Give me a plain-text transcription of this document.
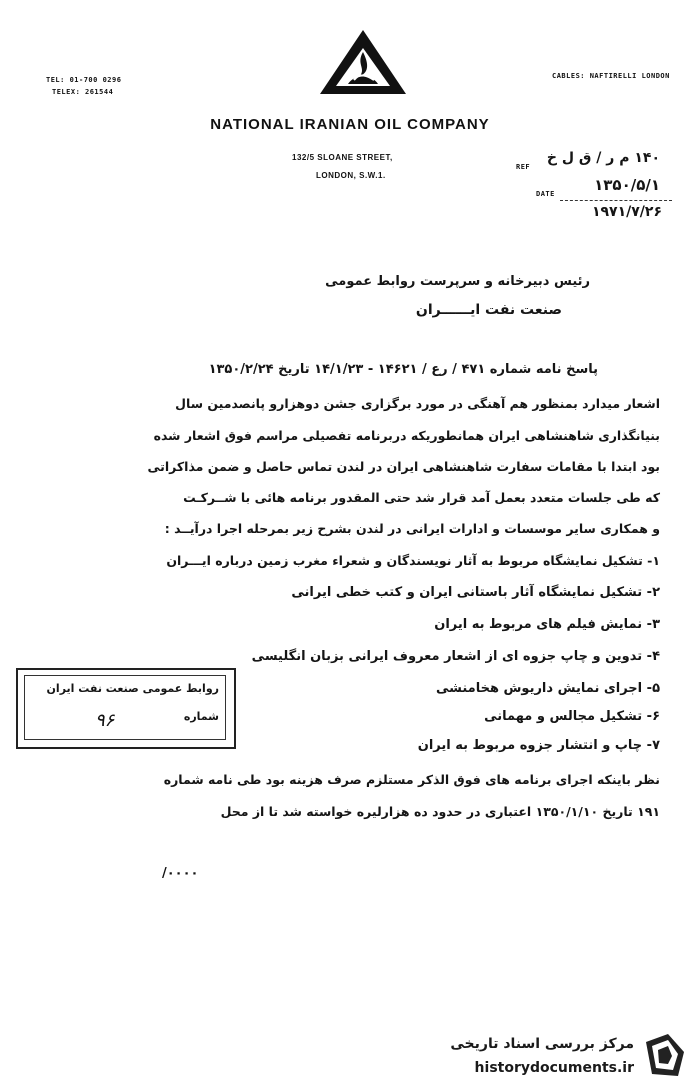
TEL: 01-700 0296
TELEX: 261544
CABLES: NAFTIRELLI LONDON
NATIONAL IRANIAN OIL COMPANY
132/5 SLOANE STREET,
LONDON, S.W.1.
REF
۱۴۰ م ر / ق ل خ
DATE	۱۳۵۰/۵/۱
۱۹۷۱/۷/۲۶
رئیس دبیرخانه و سرپرست روابط عمومی
صنعت نفت ایــــــران
پاسخ نامه شماره ۴۷۱ / رع / ۱۴۶۲۱ - ۱۴/۱/۲۳ تاریخ ۱۳۵۰/۲/۲۴
اشعار میدارد بمنظور هم آهنگی در مورد برگزاری جشن دوهزارو پانصدمین سال
بنیانگذاری شاهنشاهی ایران همانطوریکه دربرنامه تفصیلی مراسم فوق اشعار شده
بود ابتدا با مقامات سفارت شاهنشاهی ایران در لندن تماس حاصل و ضمن مذاکراتی
که طی جلسات متعدد بعمل آمد قرار شد حتی المقدور برنامه هائی با شــرکـت
و همکاری سایر موسسات و ادارات ایرانی در لندن بشرح زیر بمرحله اجرا درآیــد :
۱- تشکیل نمایشگاه مربوط به آثار نویسندگان و شعراء مغرب زمین درباره ایـــران
۲- تشکیل نمایشگاه آثار باستانی ایران و کتب خطی ایرانی
۳- نمایش فیلم های مربوط به ایران
۴- تدوین و چاپ جزوه ای از اشعار معروف ایرانی بزبان انگلیسی
۵- اجرای نمایش داریوش هخامنشی
۶- تشکیل مجالس و مهمانی
۷- چاپ و انتشار جزوه مربوط به ایران
نظر باینکه اجرای برنامه های فوق الذکر مستلزم صرف هزینه بود طی نامه شماره
۱۹۱ تاریخ ۱۳۵۰/۱/۱۰ اعتباری در حدود ده هزارلیره خواسته شد تا از محل
/۰۰۰۰
روابط عمومی صنعت نفت ایران
شماره
۹۶
مرکز بررسی اسناد تاریخی
historydocuments.ir
